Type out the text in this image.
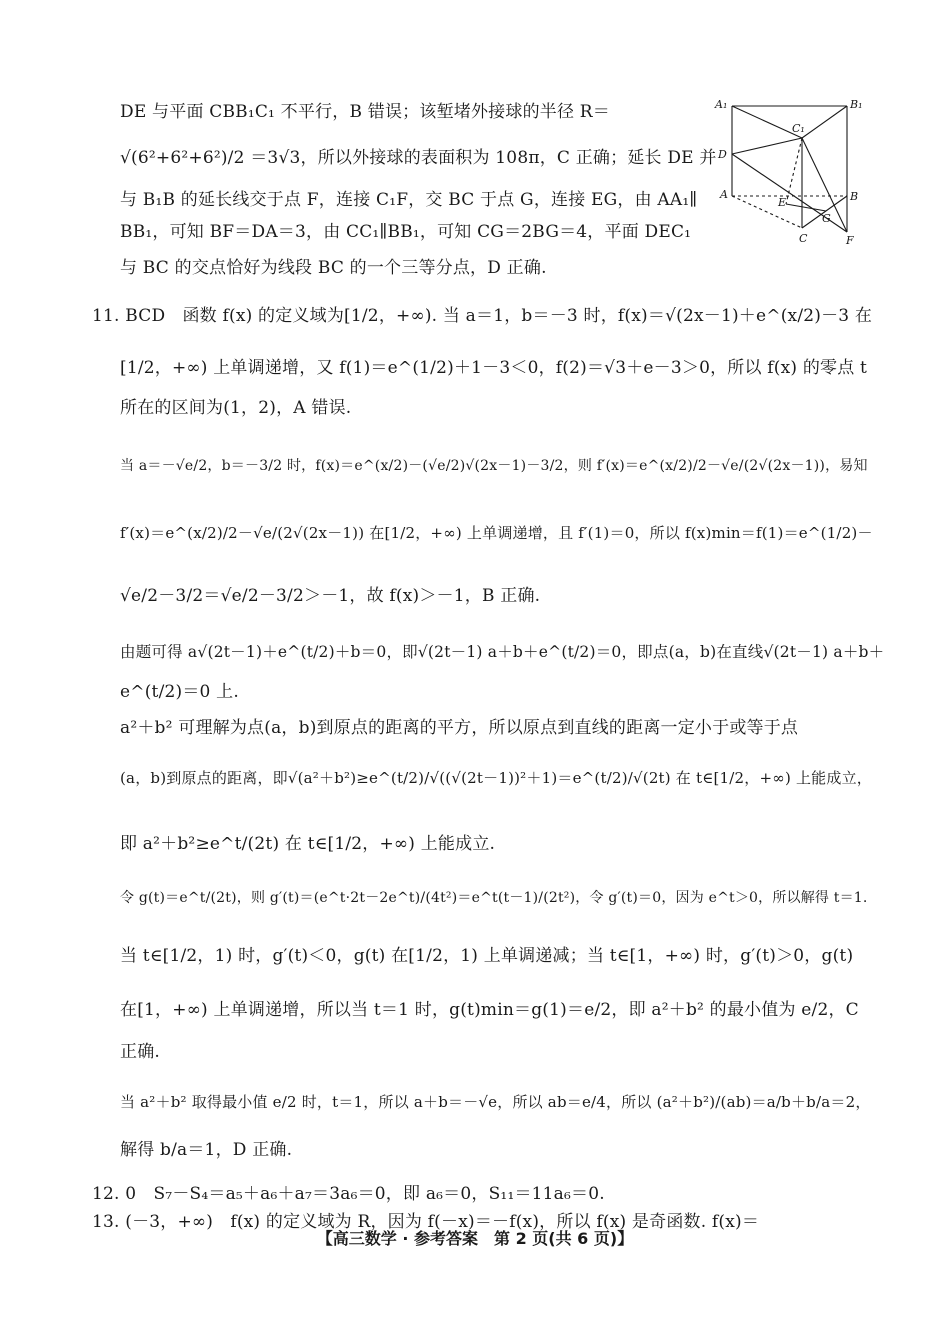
DE 与平面 CBB₁C₁ 不平行，B 错误；该堑堵外接球的半径 R＝
√(6²+6²+6²)/2 ＝3√3，所以外接球的表面积为 108π，C 正确；延长 DE 并
与 B₁B 的延长线交于点 F，连接 C₁F，交 BC 于点 G，连接 EG，由 AA₁∥
BB₁，可知 BF＝DA＝3，由 CC₁∥BB₁，可知 CG＝2BG＝4，平面 DEC₁
与 BC 的交点恰好为线段 BC 的一个三等分点，D 正确.
11. BCD　函数 f(x) 的定义域为[1/2，+∞). 当 a＝1，b＝－3 时，f(x)＝√(2x－1)＋e^(x/2)－3 在
[1/2，+∞) 上单调递增，又 f(1)＝e^(1/2)＋1－3＜0，f(2)＝√3＋e－3＞0，所以 f(x) 的零点 t
所在的区间为(1，2)，A 错误.
当 a＝－√e/2，b＝－3/2 时，f(x)＝e^(x/2)－(√e/2)√(2x－1)－3/2，则 f′(x)＝e^(x/2)/2－√e/(2√(2x－1))，易知
f′(x)＝e^(x/2)/2－√e/(2√(2x－1)) 在[1/2，+∞) 上单调递增，且 f′(1)＝0，所以 f(x)min＝f(1)＝e^(1/2)－
√e/2－3/2＝√e/2－3/2＞－1，故 f(x)＞－1，B 正确.
由题可得 a√(2t－1)＋e^(t/2)＋b＝0，即√(2t－1) a＋b＋e^(t/2)＝0，即点(a，b)在直线√(2t－1) a＋b＋
e^(t/2)＝0 上.
a²＋b² 可理解为点(a，b)到原点的距离的平方，所以原点到直线的距离一定小于或等于点
(a，b)到原点的距离，即√(a²＋b²)≥e^(t/2)/√((√(2t－1))²＋1)＝e^(t/2)/√(2t) 在 t∈[1/2，+∞) 上能成立，
即 a²＋b²≥e^t/(2t) 在 t∈[1/2，+∞) 上能成立.
令 g(t)＝e^t/(2t)，则 g′(t)＝(e^t·2t－2e^t)/(4t²)＝e^t(t－1)/(2t²)，令 g′(t)＝0，因为 e^t＞0，所以解得 t＝1.
当 t∈[1/2，1) 时，g′(t)＜0，g(t) 在[1/2，1) 上单调递减；当 t∈[1，+∞) 时，g′(t)＞0，g(t)
在[1，+∞) 上单调递增，所以当 t＝1 时，g(t)min＝g(1)＝e/2，即 a²＋b² 的最小值为 e/2，C
正确.
当 a²＋b² 取得最小值 e/2 时，t＝1，所以 a＋b＝－√e，所以 ab＝e/4，所以 (a²＋b²)/(ab)＝a/b＋b/a＝2，
解得 b/a＝1，D 正确.
12. 0　S₇－S₄＝a₅＋a₆＋a₇＝3a₆＝0，即 a₆＝0，S₁₁＝11a₆＝0.
13. (－3，+∞)　f(x) 的定义域为 R，因为 f(－x)＝－f(x)，所以 f(x) 是奇函数. f(x)＝
A₁	B₁
C₁
D
A	B
E
G
C	F
【高三数学 · 参考答案　第 2 页(共 6 页)】
